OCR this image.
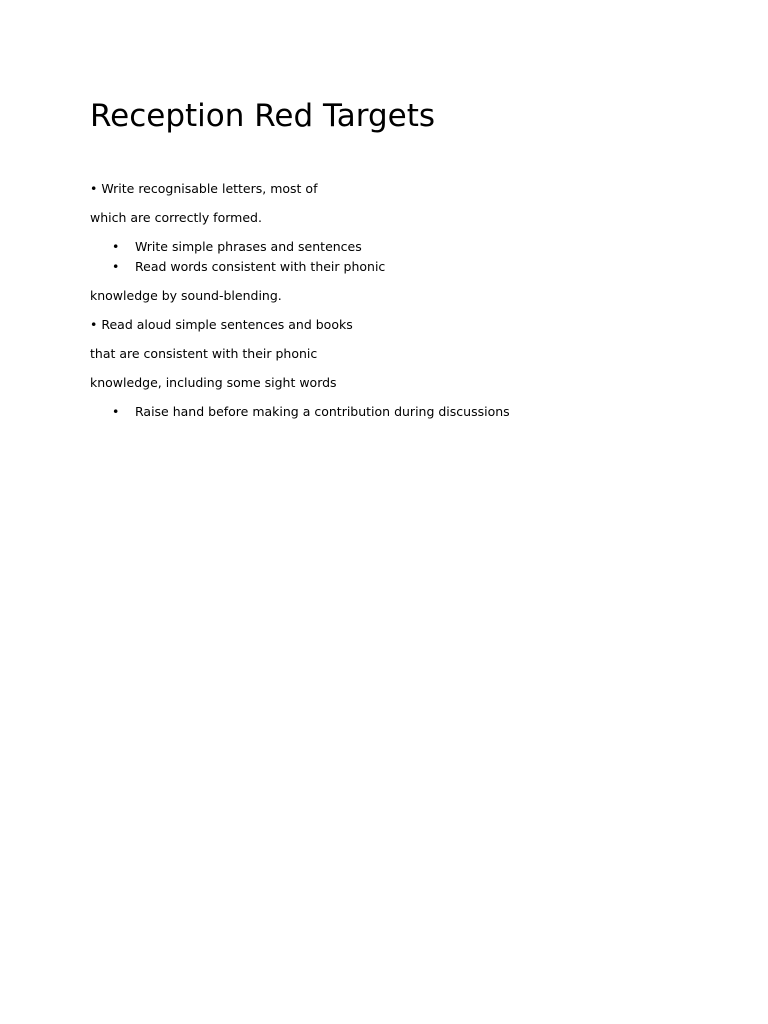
Reception Red Targets

• Write recognisable letters, most of

which are correctly formed.

• Write simple phrases and sentences
• Read words consistent with their phonic

knowledge by sound-blending.

• Read aloud simple sentences and books

that are consistent with their phonic

knowledge, including some sight words

• Raise hand before making a contribution during discussions
